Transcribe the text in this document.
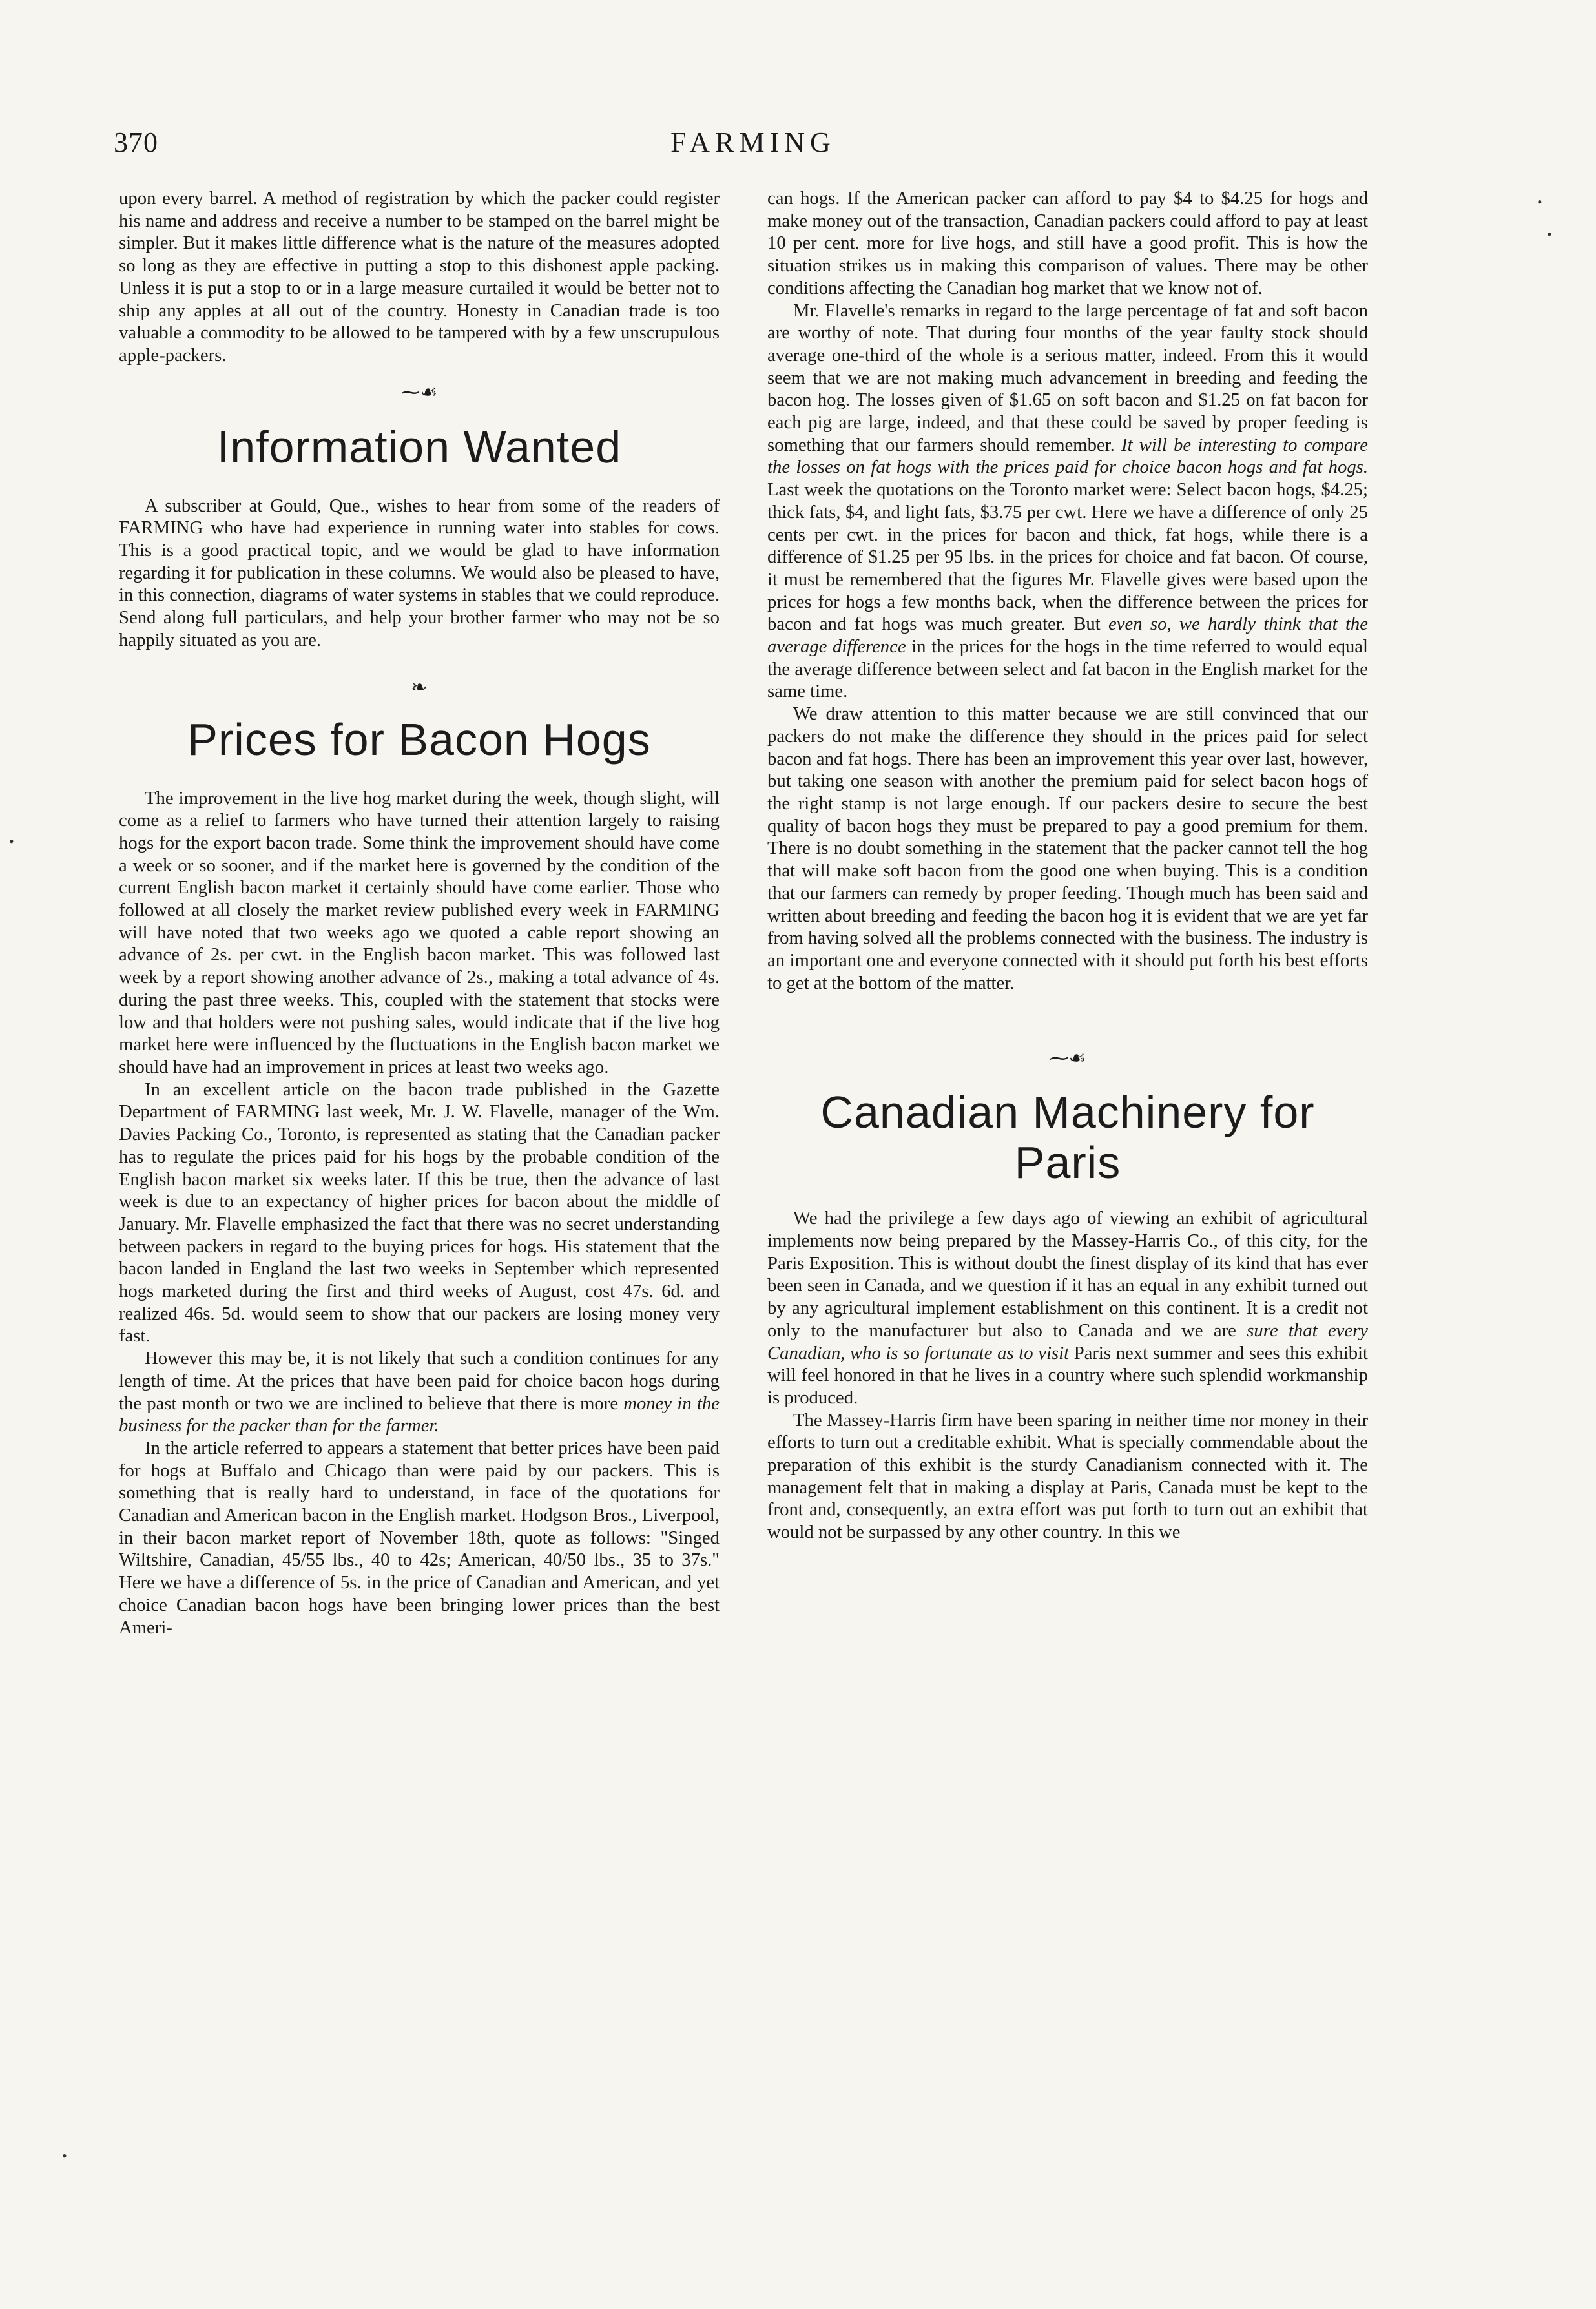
370	FARMING

upon every barrel. A method of registration by which the packer could register his name and address and receive a number to be stamped on the barrel might be simpler. But it makes little difference what is the nature of the measures adopted so long as they are effective in putting a stop to this dishonest apple packing. Unless it is put a stop to or in a large measure curtailed it would be better not to ship any apples at all out of the country. Honesty in Canadian trade is too valuable a commodity to be allowed to be tampered with by a few unscrupulous apple-packers.

⁓☙
Information Wanted

A subscriber at Gould, Que., wishes to hear from some of the readers of FARMING who have had experience in running water into stables for cows. This is a good practical topic, and we would be glad to have information regarding it for publication in these columns. We would also be pleased to have, in this connection, diagrams of water systems in stables that we could reproduce. Send along full particulars, and help your brother farmer who may not be so happily situated as you are.

❧
Prices for Bacon Hogs

The improvement in the live hog market during the week, though slight, will come as a relief to farmers who have turned their attention largely to raising hogs for the export bacon trade. Some think the improvement should have come a week or so sooner, and if the market here is governed by the condition of the current English bacon market it certainly should have come earlier. Those who followed at all closely the market review published every week in FARMING will have noted that two weeks ago we quoted a cable report showing an advance of 2s. per cwt. in the English bacon market. This was followed last week by a report showing another advance of 2s., making a total advance of 4s. during the past three weeks. This, coupled with the statement that stocks were low and that holders were not pushing sales, would indicate that if the live hog market here were influenced by the fluctuations in the English bacon market we should have had an improvement in prices at least two weeks ago.

In an excellent article on the bacon trade published in the Gazette Department of FARMING last week, Mr. J. W. Flavelle, manager of the Wm. Davies Packing Co., Toronto, is represented as stating that the Canadian packer has to regulate the prices paid for his hogs by the probable condition of the English bacon market six weeks later. If this be true, then the advance of last week is due to an expectancy of higher prices for bacon about the middle of January. Mr. Flavelle emphasized the fact that there was no secret understanding between packers in regard to the buying prices for hogs. His statement that the bacon landed in England the last two weeks in September which represented hogs marketed during the first and third weeks of August, cost 47s. 6d. and realized 46s. 5d. would seem to show that our packers are losing money very fast.

However this may be, it is not likely that such a condition continues for any length of time. At the prices that have been paid for choice bacon hogs during the past month or two we are inclined to believe that there is more money in the business for the packer than for the farmer.

In the article referred to appears a statement that better prices have been paid for hogs at Buffalo and Chicago than were paid by our packers. This is something that is really hard to understand, in face of the quotations for Canadian and American bacon in the English market. Hodgson Bros., Liverpool, in their bacon market report of November 18th, quote as follows: "Singed Wiltshire, Canadian, 45/55 lbs., 40 to 42s; American, 40/50 lbs., 35 to 37s." Here we have a difference of 5s. in the price of Canadian and American, and yet choice Canadian bacon hogs have been bringing lower prices than the best Ameri-

can hogs. If the American packer can afford to pay $4 to $4.25 for hogs and make money out of the transaction, Canadian packers could afford to pay at least 10 per cent. more for live hogs, and still have a good profit. This is how the situation strikes us in making this comparison of values. There may be other conditions affecting the Canadian hog market that we know not of.

Mr. Flavelle's remarks in regard to the large percentage of fat and soft bacon are worthy of note. That during four months of the year faulty stock should average one-third of the whole is a serious matter, indeed. From this it would seem that we are not making much advancement in breeding and feeding the bacon hog. The losses given of $1.65 on soft bacon and $1.25 on fat bacon for each pig are large, indeed, and that these could be saved by proper feeding is something that our farmers should remember. It will be interesting to compare the losses on fat hogs with the prices paid for choice bacon hogs and fat hogs. Last week the quotations on the Toronto market were: Select bacon hogs, $4.25; thick fats, $4, and light fats, $3.75 per cwt. Here we have a difference of only 25 cents per cwt. in the prices for bacon and thick, fat hogs, while there is a difference of $1.25 per 95 lbs. in the prices for choice and fat bacon. Of course, it must be remembered that the figures Mr. Flavelle gives were based upon the prices for hogs a few months back, when the difference between the prices for bacon and fat hogs was much greater. But even so, we hardly think that the average difference in the prices for the hogs in the time referred to would equal the average difference between select and fat bacon in the English market for the same time.

We draw attention to this matter because we are still convinced that our packers do not make the difference they should in the prices paid for select bacon and fat hogs. There has been an improvement this year over last, however, but taking one season with another the premium paid for select bacon hogs of the right stamp is not large enough. If our packers desire to secure the best quality of bacon hogs they must be prepared to pay a good premium for them. There is no doubt something in the statement that the packer cannot tell the hog that will make soft bacon from the good one when buying. This is a condition that our farmers can remedy by proper feeding. Though much has been said and written about breeding and feeding the bacon hog it is evident that we are yet far from having solved all the problems connected with the business. The industry is an important one and everyone connected with it should put forth his best efforts to get at the bottom of the matter.

⁓☙
Canadian Machinery for Paris

We had the privilege a few days ago of viewing an exhibit of agricultural implements now being prepared by the Massey-Harris Co., of this city, for the Paris Exposition. This is without doubt the finest display of its kind that has ever been seen in Canada, and we question if it has an equal in any exhibit turned out by any agricultural implement establishment on this continent. It is a credit not only to the manufacturer but also to Canada and we are sure that every Canadian, who is so fortunate as to visit Paris next summer and sees this exhibit will feel honored in that he lives in a country where such splendid workmanship is produced.

The Massey-Harris firm have been sparing in neither time nor money in their efforts to turn out a creditable exhibit. What is specially commendable about the preparation of this exhibit is the sturdy Canadianism connected with it. The management felt that in making a display at Paris, Canada must be kept to the front and, consequently, an extra effort was put forth to turn out an exhibit that would not be surpassed by any other country. In this we

•
•
•
•
